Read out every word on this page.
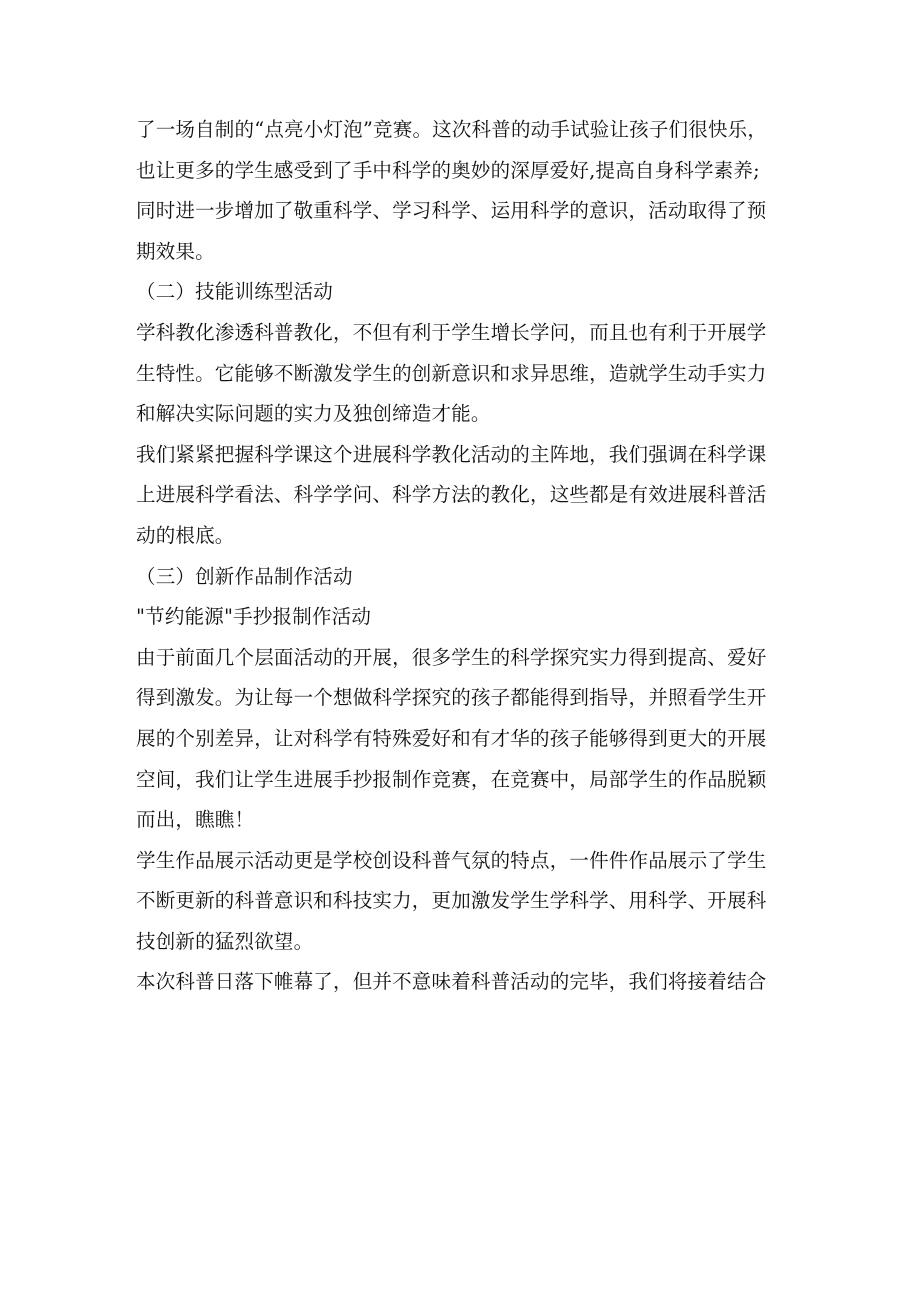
了一场自制的“点亮小灯泡”竞赛。这次科普的动手试验让孩子们很快乐，
也让更多的学生感受到了手中科学的奥妙的深厚爱好,提高自身科学素养;
同时进一步增加了敬重科学、学习科学、运用科学的意识，活动取得了预
期效果。
（二）技能训练型活动
学科教化渗透科普教化，不但有利于学生增长学问，而且也有利于开展学
生特性。它能够不断激发学生的创新意识和求异思维，造就学生动手实力
和解决实际问题的实力及独创缔造才能。
我们紧紧把握科学课这个进展科学教化活动的主阵地，我们强调在科学课
上进展科学看法、科学学问、科学方法的教化，这些都是有效进展科普活
动的根底。
（三）创新作品制作活动
"节约能源"手抄报制作活动
由于前面几个层面活动的开展，很多学生的科学探究实力得到提高、爱好
得到激发。为让每一个想做科学探究的孩子都能得到指导，并照看学生开
展的个别差异，让对科学有特殊爱好和有才华的孩子能够得到更大的开展
空间，我们让学生进展手抄报制作竞赛，在竞赛中，局部学生的作品脱颖
而出，瞧瞧！
学生作品展示活动更是学校创设科普气氛的特点，一件件作品展示了学生
不断更新的科普意识和科技实力，更加激发学生学科学、用科学、开展科
技创新的猛烈欲望。
本次科普日落下帷幕了，但并不意味着科普活动的完毕，我们将接着结合
